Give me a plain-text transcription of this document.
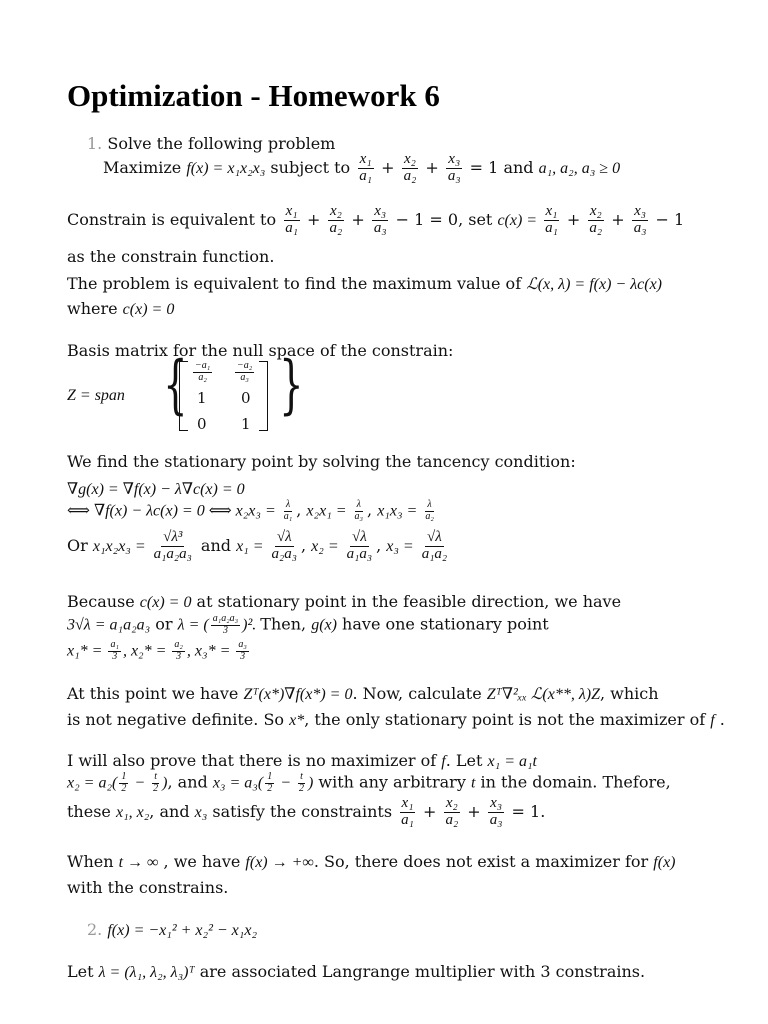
Optimization - Homework 6
1. Solve the following problem
Maximize f(x) = x₁x₂x₃ subject to $\frac{\text{x₁}}{\text{a₁}} + \frac{\text{x₂}}{\text{a₂}} + \frac{\text{x₃}}{\text{a₃}} = 1$ and a₁, a₂, a₃ ≥ 0
Constrain is equivalent to $\frac{\text{x₁}}{\text{a₁}} + \frac{\text{x₂}}{\text{a₂}} + \frac{\text{x₃}}{\text{a₃}} - 1 = 0$, set $c(x) = \frac{\text{x₁}}{\text{a₁}} + \frac{\text{x₂}}{\text{a₂}} + \frac{\text{x₃}}{\text{a₃}} - 1$
as the constrain function.
The problem is equivalent to find the maximum value of ℒ(x, λ) = f(x) − λc(x)
where c(x) = 0
Basis matrix for the null space of the constrain:
Z = span { $\frac{\text{−a₁}}{\text{a₂}} \frac{\text{−a₂}}{\text{a₃}}$
1 0
0 1
}
We find the stationary point by solving the tancency condition:
∇g(x) = ∇f(x) − λ∇c(x) = 0
⟺ ∇f(x) − λc(x) = 0 ⟺ $x_2x_3 = \frac{\lambda}{\text{a₁}}$ , $x_2x_1 = \frac{\lambda}{\text{a₃}}$ , $x_1x_3 = \frac{\lambda}{\text{a₂}}$
Or $x_1x_2x_3 = \frac{\text{√λ³}}{\text{a₁a₂a₃}}$ and $x_1 = \frac{√\lambda}{\text{a₂a₃}}$ , $x_2 = \frac{√\lambda}{\text{a₁a₃}}$ , $x_3 = \frac{√\lambda}{\text{a₁a₂}}$
Because c(x) = 0 at stationary point in the feasible direction, we have
3√λ = a₁a₂a₃ or λ = ( $\frac{\text{a₁a₂a₃}}{3} )^2$. Then, g(x) have one stationary point
$x_1* = \frac{\text{a₁}}{3}$ , $x_2* = \frac{\text{a₂}}{3}$ , $x_3* = \frac{\text{a₃}}{3}$
At this point we have Zᵀ(x*)∇f(x*) = 0. Now, calculate Zᵀ∇²ₓₓ ℒ(x**, λ)Z, which
is not negative definite. So x*, the only stationary point is not the maximizer of f .
I will also prove that there is no maximizer of f. Let x₁ = a₁t
$x_2 = a_2( \frac{1}{2} - \frac{t}{2}$ ), and $x_3 = a_3( \frac{1}{2} - \frac{t}{2}$ ) with any arbitrary t in the domain. Thefore,
these x₁, x₂, and x₃ satisfy the constraints $\frac{\text{x₁}}{\text{a₁}} + \frac{\text{x₂}}{\text{a₂}} + \frac{\text{x₃}}{\text{a₃}} = 1$.
When t → ∞ , we have f(x) → +∞. So, there does not exist a maximizer for f(x)
with the constrains.
2. f(x) = −x₁² + x₂² − x₁x₂
Let λ = (λ₁, λ₂, λ₃)ᵀ are associated Langrange multiplier with 3 constrains.
